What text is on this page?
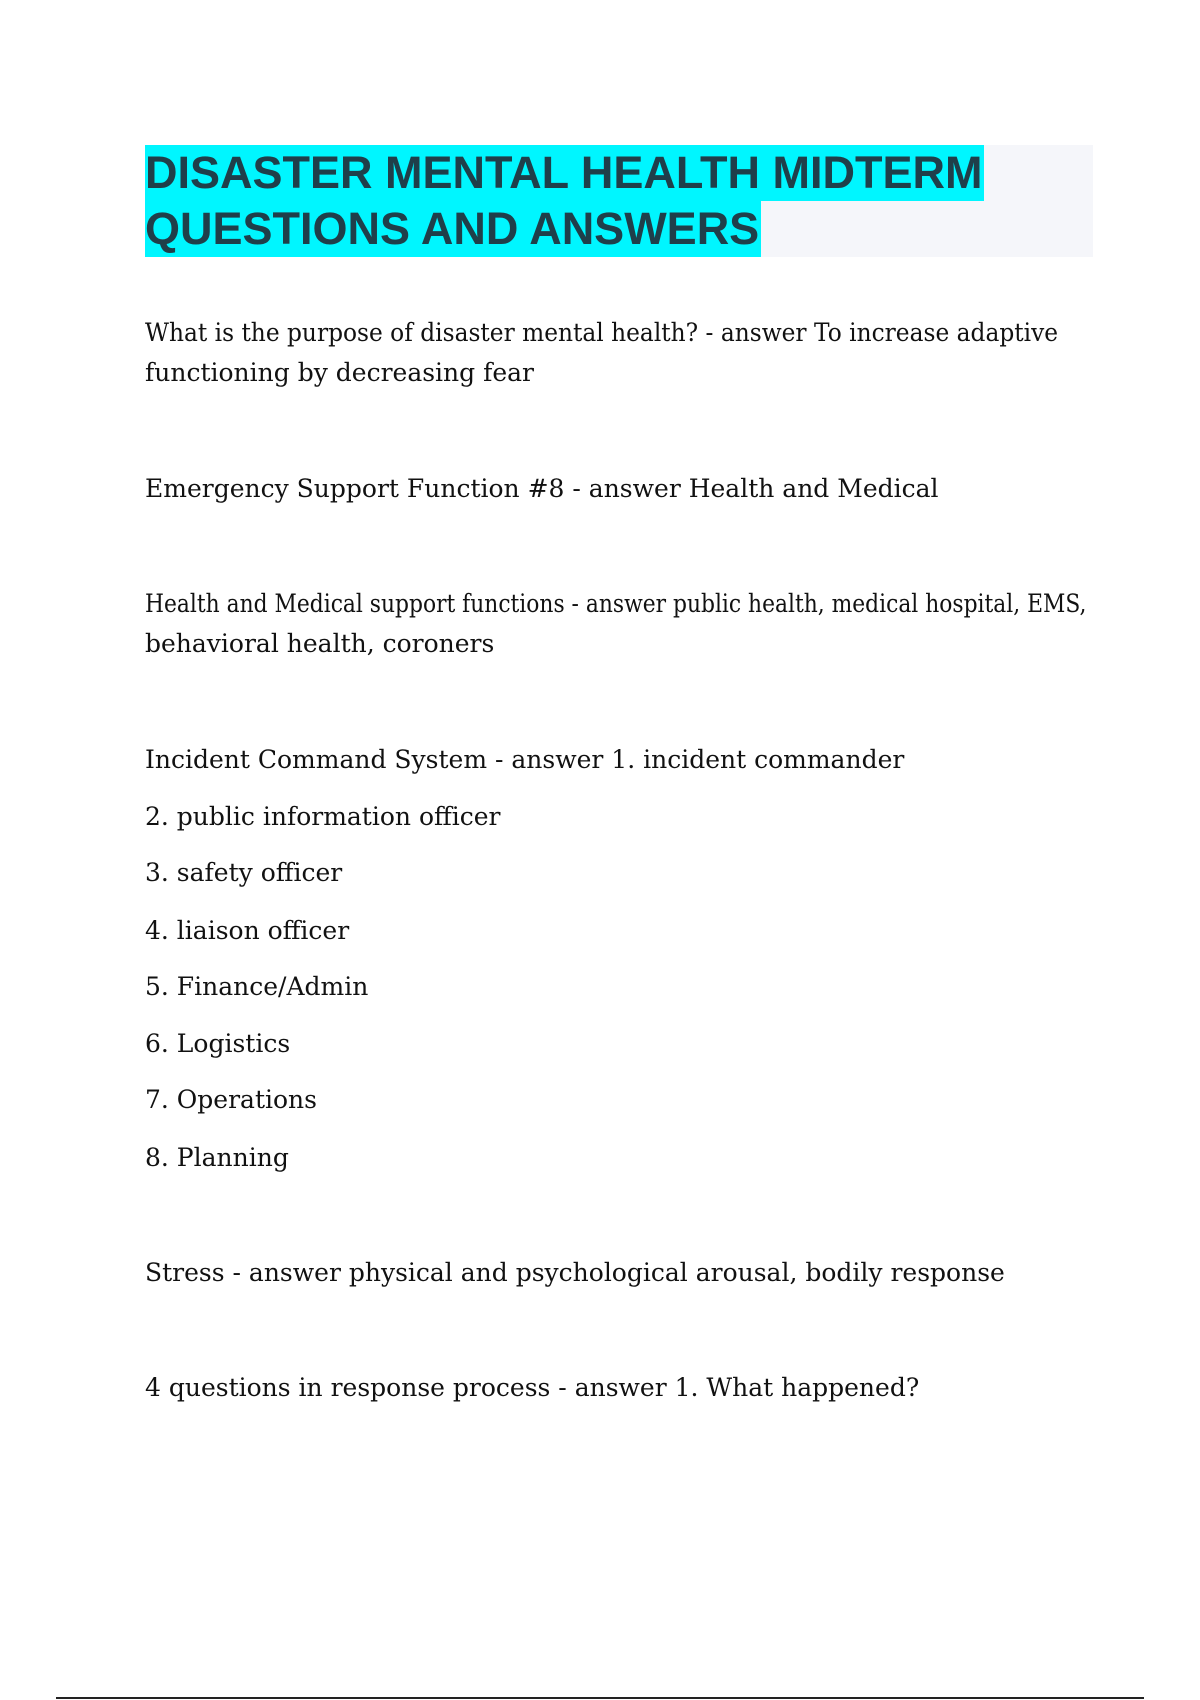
DISASTER MENTAL HEALTH MIDTERM
QUESTIONS AND ANSWERS
What is the purpose of disaster mental health? - answer To increase adaptive
functioning by decreasing fear
Emergency Support Function #8 - answer Health and Medical
Health and Medical support functions - answer public health, medical hospital, EMS,
behavioral health, coroners
Incident Command System - answer 1. incident commander
2. public information officer
3. safety officer
4. liaison officer
5. Finance/Admin
6. Logistics
7. Operations
8. Planning
Stress - answer physical and psychological arousal, bodily response
4 questions in response process - answer 1. What happened?
